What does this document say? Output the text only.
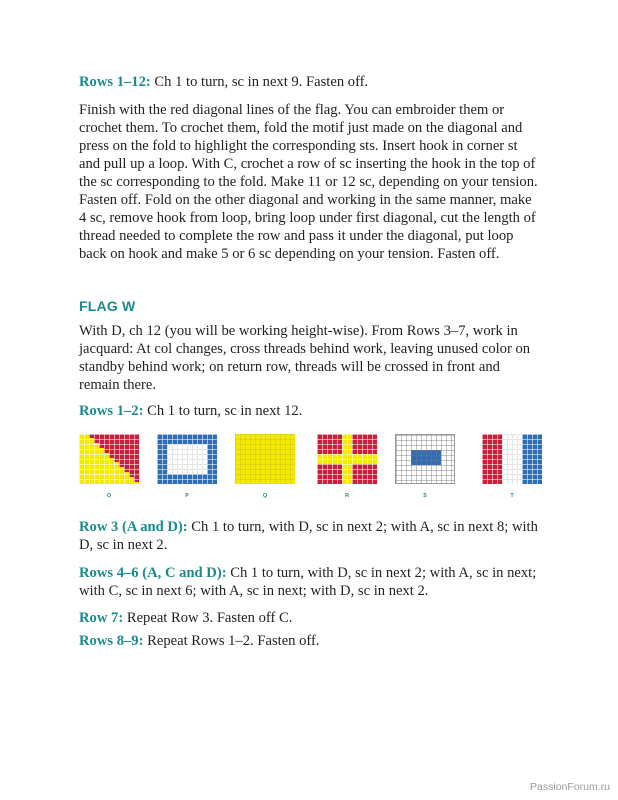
Rows 1–12: Ch 1 to turn, sc in next 9. Fasten off.

Finish with the red diagonal lines of the flag. You can embroider them or crochet them. To crochet them, fold the motif just made on the diagonal and press on the fold to highlight the corresponding sts. Insert hook in corner st and pull up a loop. With C, crochet a row of sc inserting the hook in the top of the sc corresponding to the fold. Make 11 or 12 sc, depending on your tension. Fasten off. Fold on the other diagonal and working in the same manner, make 4 sc, remove hook from loop, bring loop under first diagonal, cut the length of thread needed to complete the row and pass it under the diagonal, put loop back on hook and make 5 or 6 sc depending on your tension. Fasten off.

FLAG W

With D, ch 12 (you will be working height-wise). From Rows 3–7, work in jacquard: At col changes, cross threads behind work, leaving unused color on standby behind work; on return row, threads will be crossed in front and remain there.

Rows 1–2: Ch 1 to turn, sc in next 12.

O	P	Q	R	S	T

Row 3 (A and D): Ch 1 to turn, with D, sc in next 2; with A, sc in next 8; with D, sc in next 2.

Rows 4–6 (A, C and D): Ch 1 to turn, with D, sc in next 2; with A, sc in next; with C, sc in next 6; with A, sc in next; with D, sc in next 2.

Row 7: Repeat Row 3. Fasten off C.

Rows 8–9: Repeat Rows 1–2. Fasten off.

PassionForum.ru
